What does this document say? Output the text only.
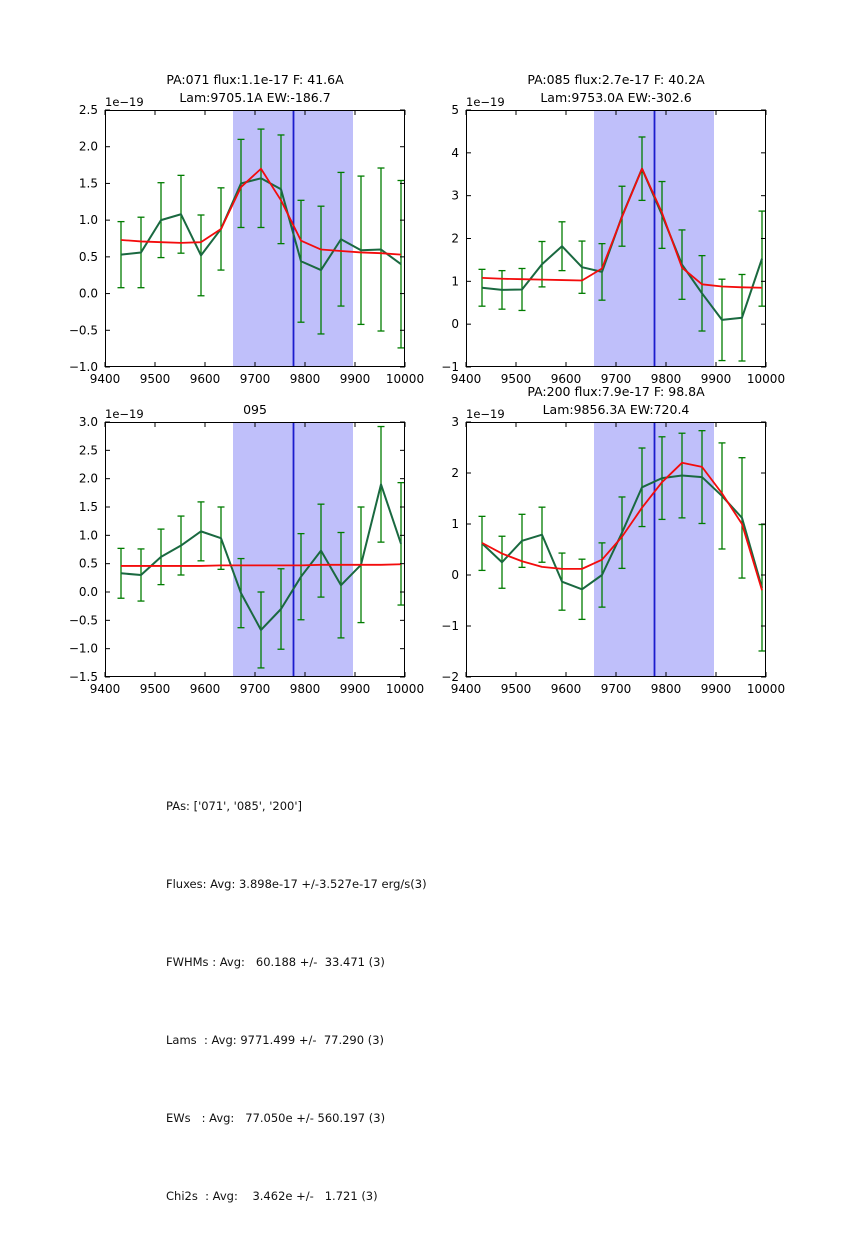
PA:071 flux:1.1e-17 F: 41.6A
Lam:9705.1A EW:-186.7
1e−19
9400 9500 9600 9700 9800 9900 10000
−1.0
−0.5
0.0
0.5
1.0
1.5
2.0
2.5
PA:085 flux:2.7e-17 F: 40.2A
Lam:9753.0A EW:-302.6
1e−19
9400 9500 9600 9700 9800 9900 10000
−1
0
1
2
3
4
5
095
1e−19
9400 9500 9600 9700 9800 9900 10000
−1.5
−1.0
−0.5
0.0
0.5
1.0
1.5
2.0
2.5
3.0
PA:200 flux:7.9e-17 F: 98.8A
Lam:9856.3A EW:720.4
1e−19
9400 9500 9600 9700 9800 9900 10000
−2
−1
0
1
2
3

PAs: ['071', '085', '200']

Fluxes: Avg: 3.898e-17 +/-3.527e-17 erg/s(3)

FWHMs : Avg:   60.188 +/-  33.471 (3)

Lams  : Avg: 9771.499 +/-  77.290 (3)

EWs   : Avg:   77.050e +/- 560.197 (3)

Chi2s  : Avg:    3.462e +/-   1.721 (3)
